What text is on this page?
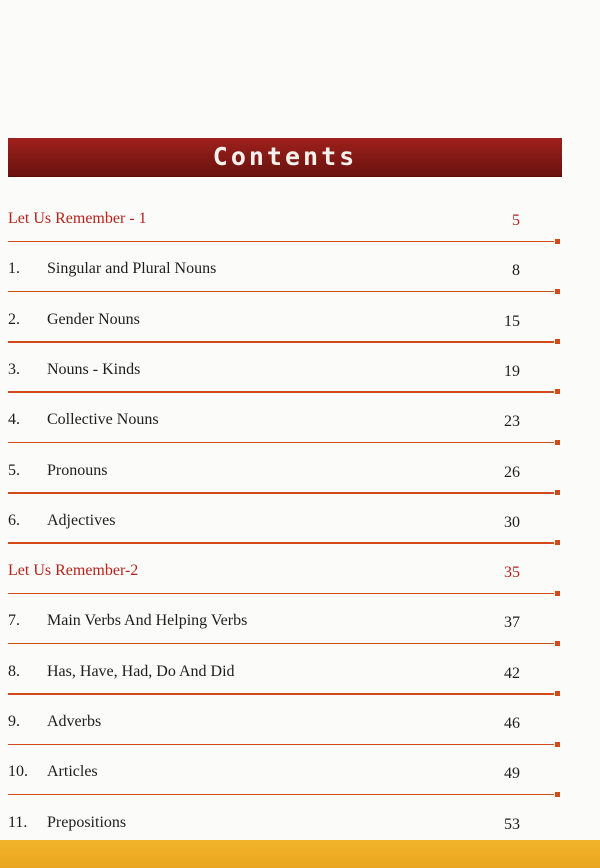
Contents
Let Us Remember - 1	5
1. Singular and Plural Nouns	8
2. Gender Nouns	15
3. Nouns - Kinds	19
4. Collective Nouns	23
5. Pronouns	26
6. Adjectives	30
Let Us Remember-2	35
7. Main Verbs And Helping Verbs	37
8. Has, Have, Had, Do And Did	42
9. Adverbs	46
10. Articles	49
11. Prepositions	53
